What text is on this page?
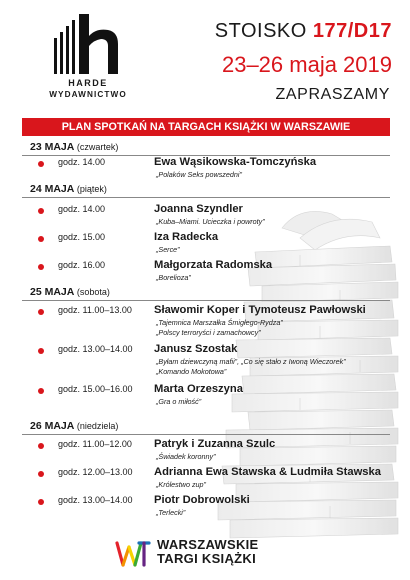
HARDE
WYDAWNICTWO
STOISKO 177/D17
23–26 maja 2019
ZAPRASZAMY
PLAN SPOTKAŃ NA TARGACH KSIĄŻKI W WARSZAWIE
23 MAJA (czwartek)
godz. 14.00	Ewa Wąsikowska-Tomczyńska
„Polaków Seks powszedni”
24 MAJA (piątek)
godz. 14.00	Joanna Szyndler
„Kuba–Miami. Ucieczka i powroty”
godz. 15.00	Iza Radecka
„Serce”
godz. 16.00	Małgorzata Radomska
„Borelioza”
25 MAJA (sobota)
godz. 11.00–13.00 Sławomir Koper i Tymoteusz Pawłowski
„Tajemnica Marszałka Śmigłego-Rydza”
„Polscy terroryści i zamachowcy”
godz. 13.00–14.00 Janusz Szostak
„Byłam dziewczyną mafii”, „Co się stało z Iwoną Wieczorek”
„Komando Mokotowa”
godz. 15.00–16.00 Marta Orzeszyna
„Gra o miłość”
26 MAJA (niedziela)
godz. 11.00–12.00 Patryk i Zuzanna Szulc
„Świadek koronny”
godz. 12.00–13.00 Adrianna Ewa Stawska & Ludmiła Stawska
„Królestwo zup”
godz. 13.00–14.00 Piotr Dobrowolski
„Terlecki”
WARSZAWSKIE
TARGI KSIĄŻKI
